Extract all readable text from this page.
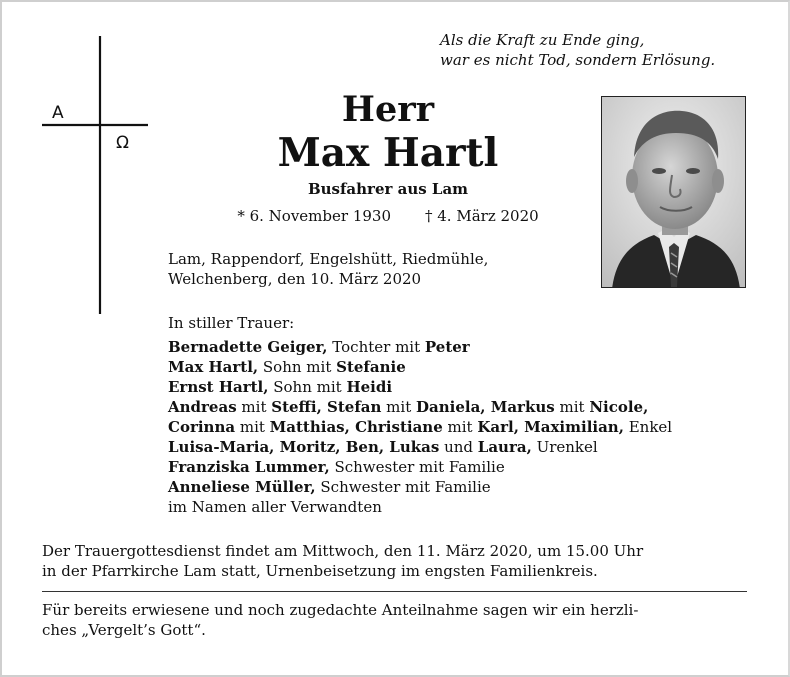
Als die Kraft zu Ende ging,
war es nicht Tod, sondern Erlösung.
A
Ω
Herr
Max Hartl
Busfahrer aus Lam
* 6. November 1930 † 4. März 2020
Lam, Rappendorf, Engelshütt, Riedmühle,
Welchenberg, den 10. März 2020
In stiller Trauer:
Bernadette Geiger, Tochter mit Peter
Max Hartl, Sohn mit Stefanie
Ernst Hartl, Sohn mit Heidi
Andreas mit Steffi, Stefan mit Daniela, Markus mit Nicole,
Corinna mit Matthias, Christiane mit Karl, Maximilian, Enkel
Luisa-Maria, Moritz, Ben, Lukas und Laura, Urenkel
Franziska Lummer, Schwester mit Familie
Anneliese Müller, Schwester mit Familie
im Namen aller Verwandten
Der Trauergottesdienst findet am Mittwoch, den 11. März 2020, um 15.00 Uhr
in der Pfarrkirche Lam statt, Urnenbeisetzung im engsten Familienkreis.
Für bereits erwiesene und noch zugedachte Anteilnahme sagen wir ein herzli-
ches „Vergelt’s Gott“.
